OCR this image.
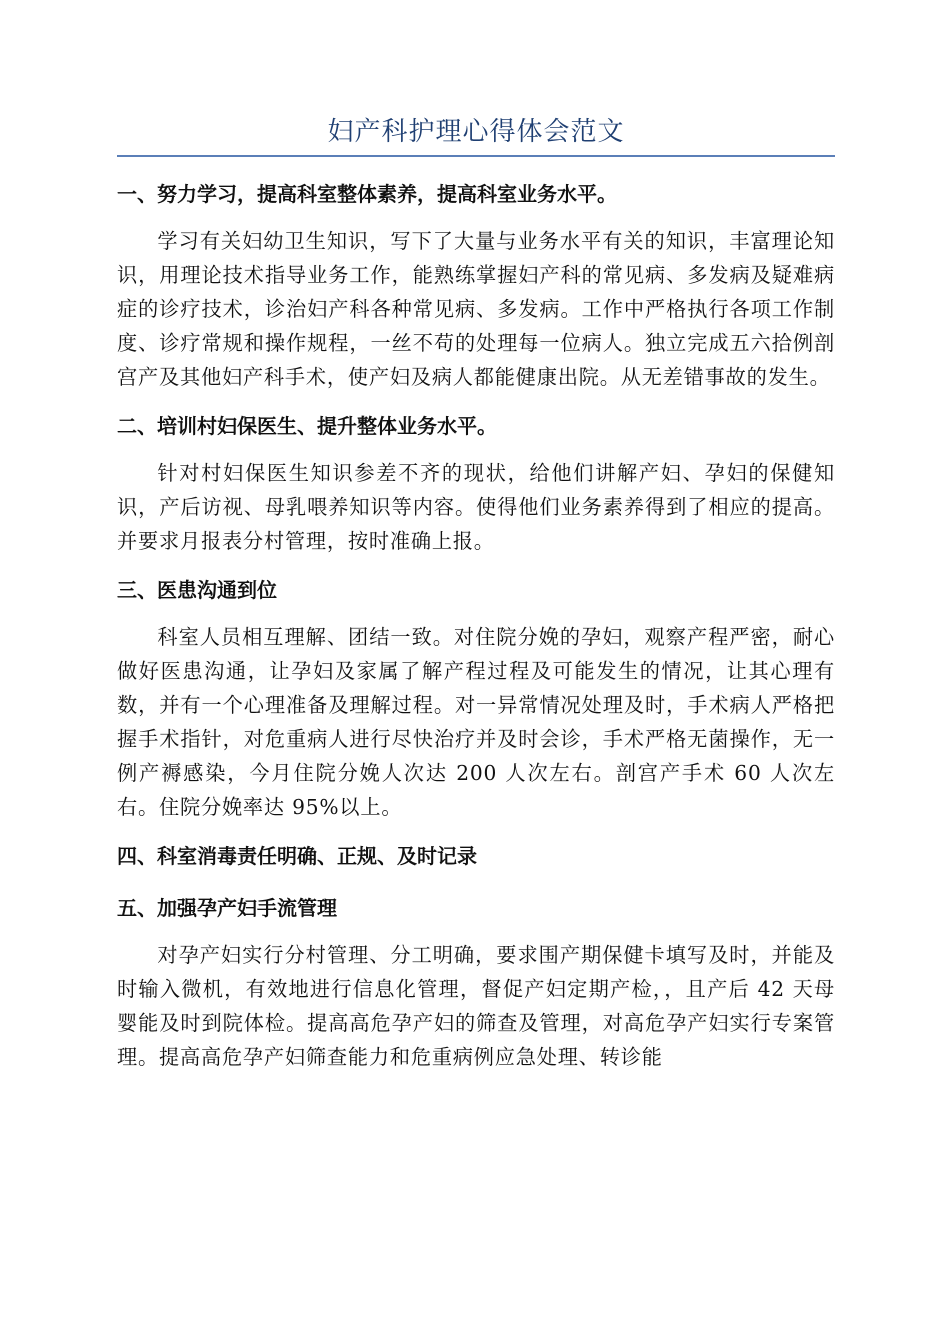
妇产科护理心得体会范文

一、努力学习，提高科室整体素养，提高科室业务水平。

学习有关妇幼卫生知识，写下了大量与业务水平有关的知识，丰富理论知识，用理论技术指导业务工作，能熟练掌握妇产科的常见病、多发病及疑难病症的诊疗技术，诊治妇产科各种常见病、多发病。工作中严格执行各项工作制度、诊疗常规和操作规程，一丝不苟的处理每一位病人。独立完成五六拾例剖宫产及其他妇产科手术，使产妇及病人都能健康出院。从无差错事故的发生。

二、培训村妇保医生、提升整体业务水平。

针对村妇保医生知识参差不齐的现状，给他们讲解产妇、孕妇的保健知识，产后访视、母乳喂养知识等内容。使得他们业务素养得到了相应的提高。并要求月报表分村管理，按时准确上报。

三、医患沟通到位

科室人员相互理解、团结一致。对住院分娩的孕妇，观察产程严密，耐心做好医患沟通，让孕妇及家属了解产程过程及可能发生的情况，让其心理有数，并有一个心理准备及理解过程。对一异常情况处理及时，手术病人严格把握手术指针，对危重病人进行尽快治疗并及时会诊，手术严格无菌操作，无一例产褥感染，今月住院分娩人次达 200 人次左右。剖宫产手术 60 人次左右。住院分娩率达 95%以上。

四、科室消毒责任明确、正规、及时记录

五、加强孕产妇手流管理

对孕产妇实行分村管理、分工明确，要求围产期保健卡填写及时，并能及时输入微机，有效地进行信息化管理，督促产妇定期产检，，且产后 42 天母婴能及时到院体检。提高高危孕产妇的筛查及管理，对高危孕产妇实行专案管理。提高高危孕产妇筛查能力和危重病例应急处理、转诊能
